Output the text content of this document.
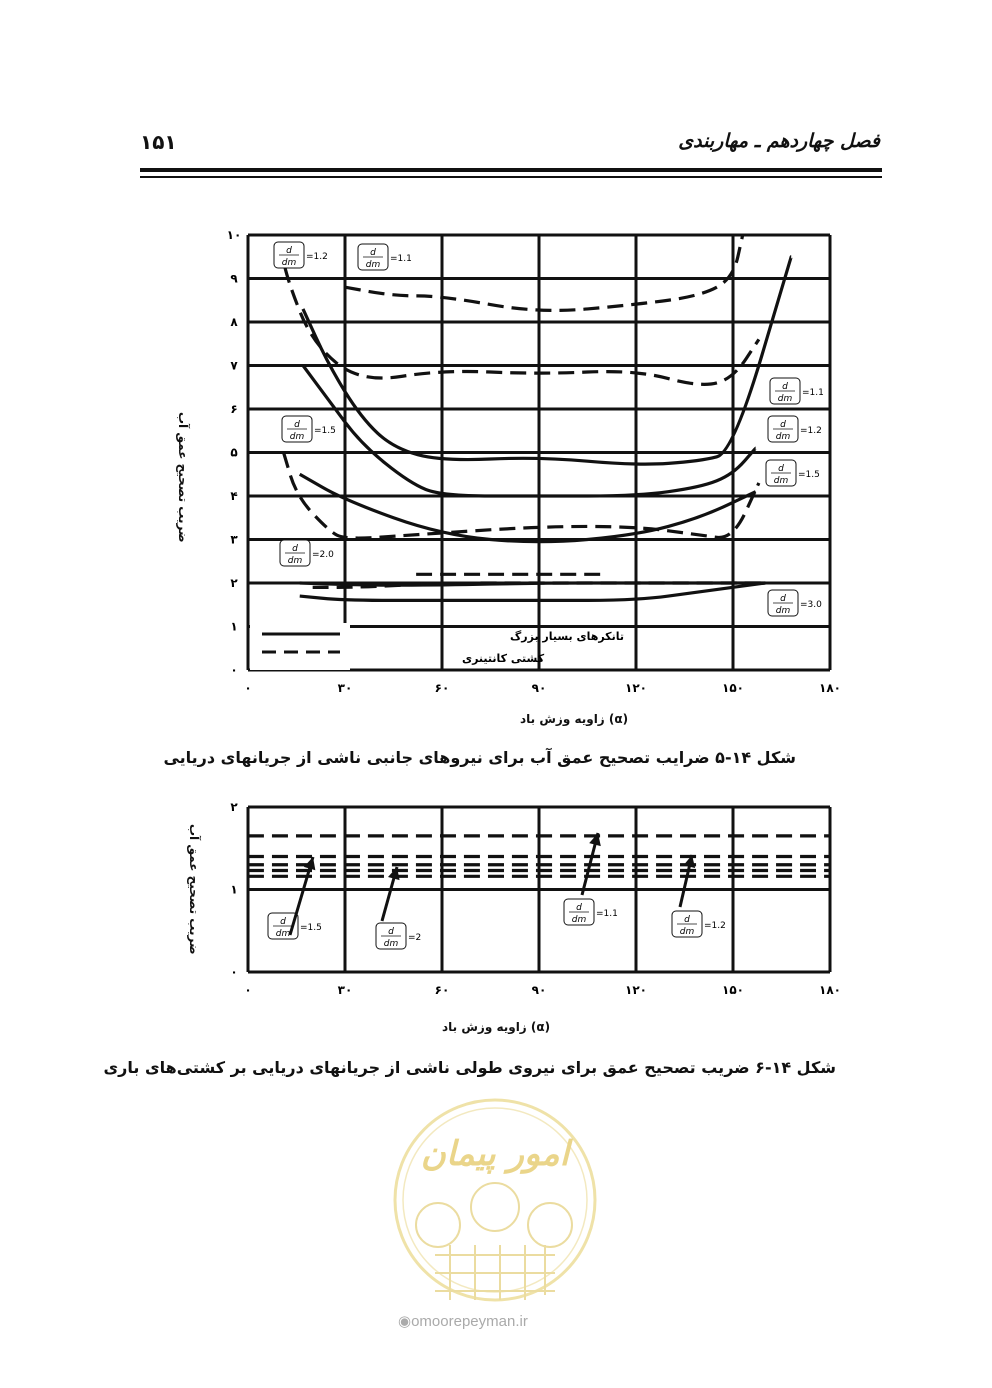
فصل چهاردهم ـ مهاربندی
۱۵۱
ضریب تصحیح عمق آب
۰	۳۰	۶۰	۹۰	۱۲۰	۱۵۰	۱۸۰
۰
۱
۲
۳
۴
۵
۶
۷
۸
۹
۱۰
d
dm
=1.2	d
dm
=1.1
d
dm
=1.5
d
dm
=2.0
d
dm
=1.1
d
dm
=1.2
d
dm
=1.5
d
dm
=3.0
تانکرهای بسیار بزرگ
کشتی کانتینری
(α) زاویه وزش باد
شکل ۱۴-۵ ضرایب تصحیح عمق آب برای نیروهای جانبی ناشی از جریانهای دریایی
ضریب تصحیح عمق آب
۰	۳۰	۶۰	۹۰	۱۲۰	۱۵۰	۱۸۰
۰
۱
۲
d
dm
=1.5	d
dm
=2
d
dm
=1.1
d
dm
=1.2
(α) زاویه وزش باد
شکل ۱۴-۶ ضریب تصحیح عمق برای نیروی طولی ناشی از جریانهای دریایی بر کشتی‌های باری
امور پیمان
◉omoorepeyman.ir
